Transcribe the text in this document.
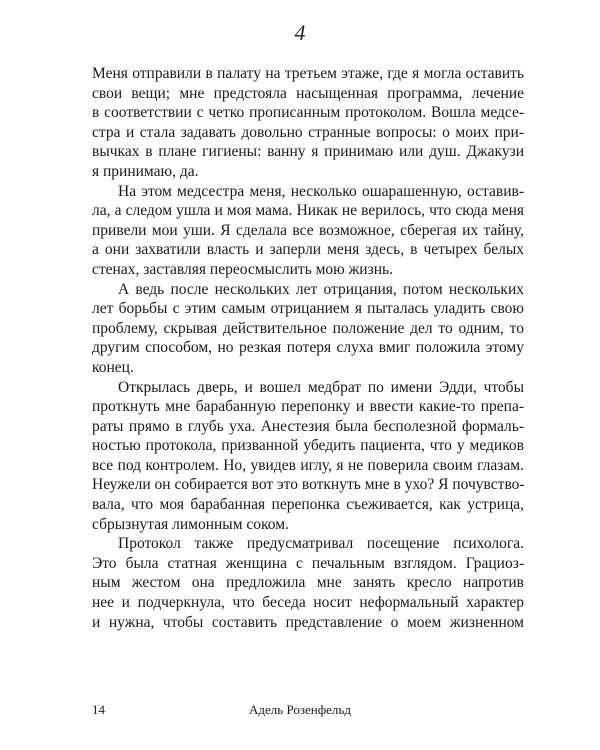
4
Меня отправили в палату на третьем этаже, где я могла оставить
свои вещи; мне предстояла насыщенная программа, лечение
в соответствии с четко прописанным протоколом. Вошла медсе-
стра и стала задавать довольно странные вопросы: о моих при-
вычках в плане гигиены: ванну я принимаю или душ. Джакузи
я принимаю, да.
На этом медсестра меня, несколько ошарашенную, оставив-
ла, а следом ушла и моя мама. Никак не верилось, что сюда меня
привели мои уши. Я сделала все возможное, сберегая их тайну,
а они захватили власть и заперли меня здесь, в четырех белых
стенах, заставляя переосмыслить мою жизнь.
А ведь после нескольких лет отрицания, потом нескольких
лет борьбы с этим самым отрицанием я пыталась уладить свою
проблему, скрывая действительное положение дел то одним, то
другим способом, но резкая потеря слуха вмиг положила этому
конец.
Открылась дверь, и вошел медбрат по имени Эдди, чтобы
проткнуть мне барабанную перепонку и ввести какие-то препа-
раты прямо в глубь уха. Анестезия была бесполезной формаль-
ностью протокола, призванной убедить пациента, что у медиков
все под контролем. Но, увидев иглу, я не поверила своим глазам.
Неужели он собирается вот это воткнуть мне в ухо? Я почувство-
вала, что моя барабанная перепонка съеживается, как устрица,
сбрызнутая лимонным соком.
Протокол также предусматривал посещение психолога.
Это была статная женщина с печальным взглядом. Грациоз-
ным жестом она предложила мне занять кресло напротив
нее и подчеркнула, что беседа носит неформальный характер
и нужна, чтобы составить представление о моем жизненном
14	Адель Розенфельд
